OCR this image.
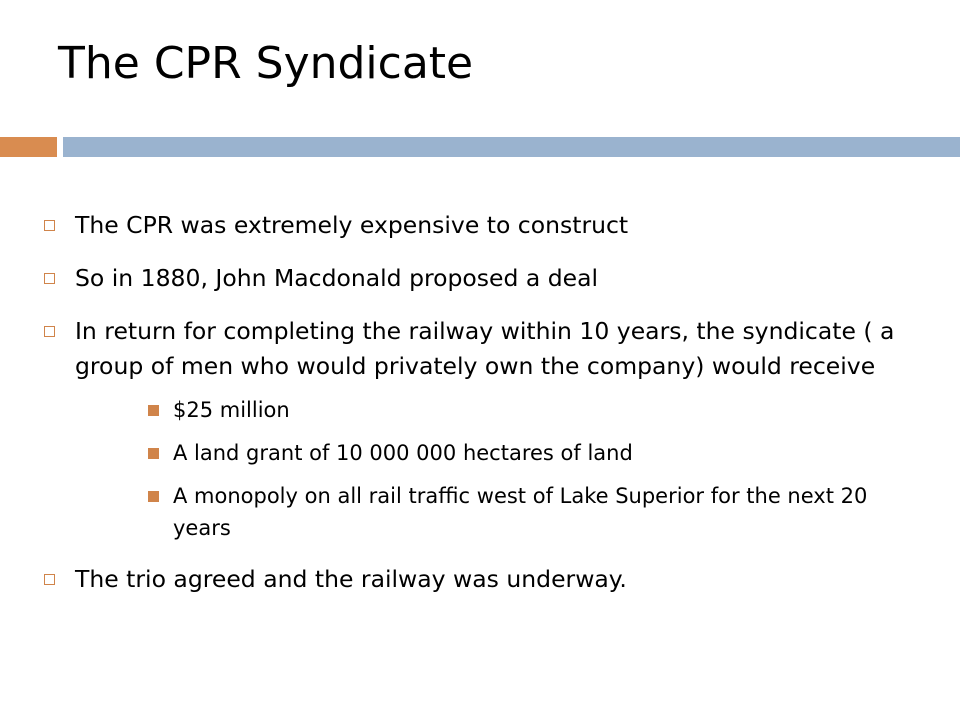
The CPR Syndicate
The CPR was extremely expensive to construct
So in 1880, John Macdonald proposed a deal
In return for completing the railway within 10 years, the syndicate ( a group of men who would privately own the company) would receive
$25 million
A land grant of 10 000 000 hectares of land
A monopoly on all rail traffic west of Lake Superior for the next 20 years
The trio agreed and the railway was underway.
